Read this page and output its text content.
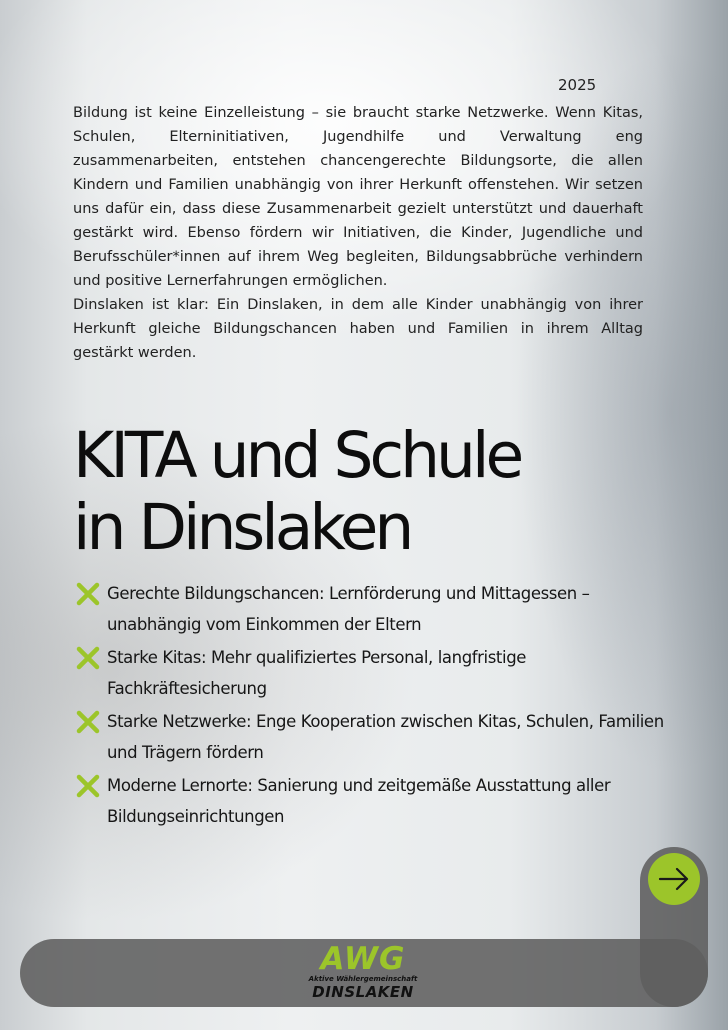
2025

Bildung ist keine Einzelleistung – sie braucht starke Netzwerke. Wenn Kitas, Schulen, Elterninitiativen, Jugendhilfe und Verwaltung eng zusammenarbeiten, entstehen chancengerechte Bildungsorte, die allen Kindern und Familien unabhängig von ihrer Herkunft offenstehen. Wir setzen uns dafür ein, dass diese Zusammenarbeit gezielt unterstützt und dauerhaft gestärkt wird. Ebenso fördern wir Initiativen, die Kinder, Jugendliche und Berufsschüler*innen auf ihrem Weg begleiten, Bildungsabbrüche verhindern und positive Lernerfahrungen ermöglichen.

Dinslaken ist klar: Ein Dinslaken, in dem alle Kinder unabhängig von ihrer Herkunft gleiche Bildungschancen haben und Familien in ihrem Alltag gestärkt werden.

KITA und Schule
in Dinslaken
Gerechte Bildungschancen: Lernförderung und Mittagessen – unabhängig vom Einkommen der Eltern
Starke Kitas: Mehr qualifiziertes Personal, langfristige Fachkräftesicherung
Starke Netzwerke: Enge Kooperation zwischen Kitas, Schulen, Familien und Trägern fördern
Moderne Lernorte: Sanierung und zeitgemäße Ausstattung aller Bildungseinrichtungen
AWG
Aktive Wählergemeinschaft
DINSLAKEN
